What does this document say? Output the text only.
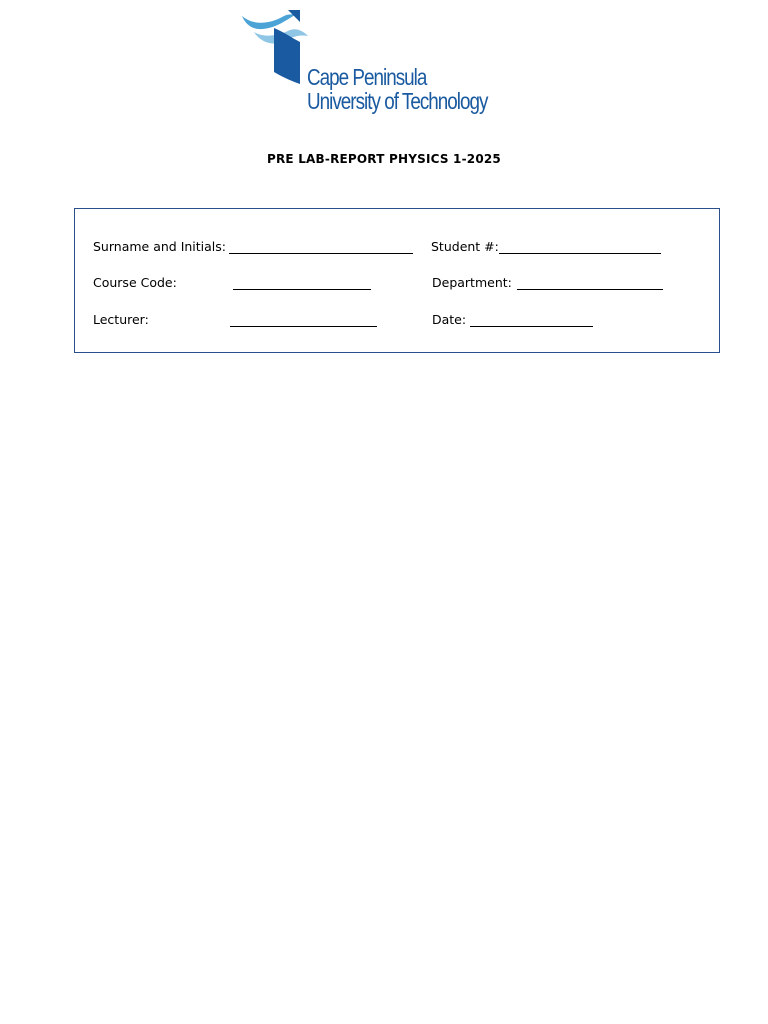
Cape Peninsula
University of Technology
PRE LAB-REPORT PHYSICS 1-2025
Surname and Initials:	Student #:
Course Code:	Department:
Lecturer:	Date:
